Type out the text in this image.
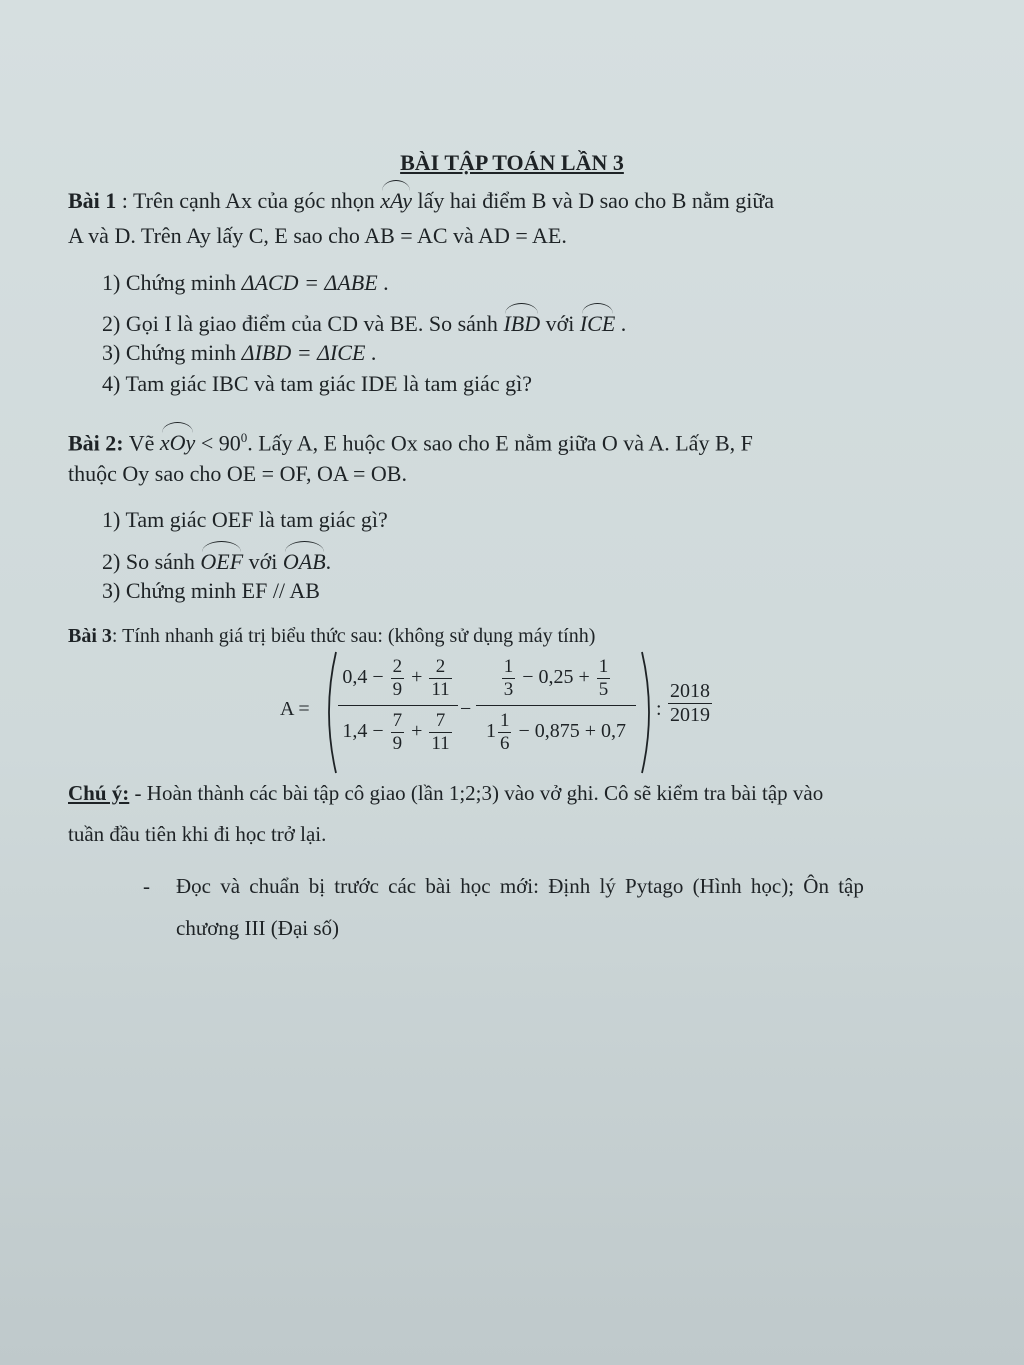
BÀI TẬP TOÁN LẦN 3
Bài 1 : Trên cạnh Ax của góc nhọn xAy lấy hai điểm B và D sao cho B nằm giữa
A và D. Trên Ay lấy C, E sao cho AB = AC và AD = AE.
1) Chứng minh ΔACD = ΔABE .
2) Gọi I là giao điểm của CD và BE. So sánh IBD với ICE .
3) Chứng minh ΔIBD = ΔICE .
4) Tam giác IBC và tam giác IDE là tam giác gì?
Bài 2: Vẽ xOy < $90^0$. Lấy A, E huộc Ox sao cho E nằm giữa O và A. Lấy B, F
thuộc Oy sao cho OE = OF, OA = OB.
1) Tam giác OEF là tam giác gì?
2) So sánh OEF với OAB.
3) Chứng minh EF // AB
Bài 3: Tính nhanh giá trị biểu thức sau: (không sử dụng máy tính)
A =
$0,4 - \frac{2}{9} + \frac{2}{11}$
$1,4 - \frac{7}{9} + \frac{7}{11}$
−
$\frac{1}{3} - 0,25 + \frac{1}{5}$
$1 \frac{1}{6} - 0,875 + 0,7$
: $\frac{2018}{2019}$
Chú ý: - Hoàn thành các bài tập cô giao (lần 1;2;3) vào vở ghi. Cô sẽ kiểm tra bài tập vào
tuần đầu tiên khi đi học trở lại.
- Đọc và chuẩn bị trước các bài học mới: Định lý Pytago (Hình học); Ôn tập
chương III (Đại số)
